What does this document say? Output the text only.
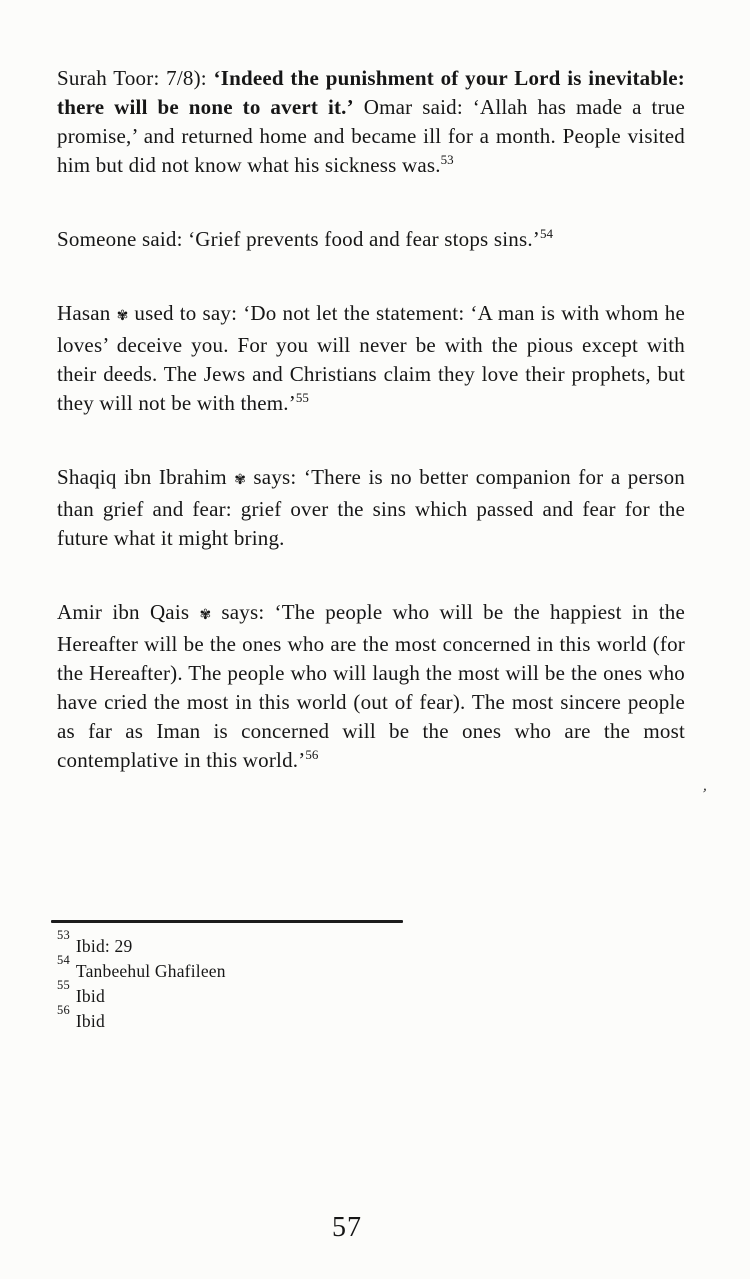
Surah Toor: 7/8): ‘Indeed the punishment of your Lord is inevitable: there will be none to avert it.’ Omar said: ‘Allah has made a true promise,’ and returned home and became ill for a month. People visited him but did not know what his sickness was.$^{53}$

Someone said: ‘Grief prevents food and fear stops sins.’$^{54}$

Hasan ✾ used to say: ‘Do not let the statement: ‘A man is with whom he loves’ deceive you. For you will never be with the pious except with their deeds. The Jews and Christians claim they love their prophets, but they will not be with them.’$^{55}$

Shaqiq ibn Ibrahim ✾ says: ‘There is no better companion for a person than grief and fear: grief over the sins which passed and fear for the future what it might bring.

Amir ibn Qais ✾ says: ‘The people who will be the happiest in the Hereafter will be the ones who are the most concerned in this world (for the Hereafter). The people who will laugh the most will be the ones who have cried the most in this world (out of fear). The most sincere people as far as Iman is concerned will be the ones who are the most contemplative in this world.’$^{56}$

’
$^{53}$Ibid: 29
$^{54}$Tanbeehul Ghafileen
$^{55}$Ibid
$^{56}$Ibid
57
